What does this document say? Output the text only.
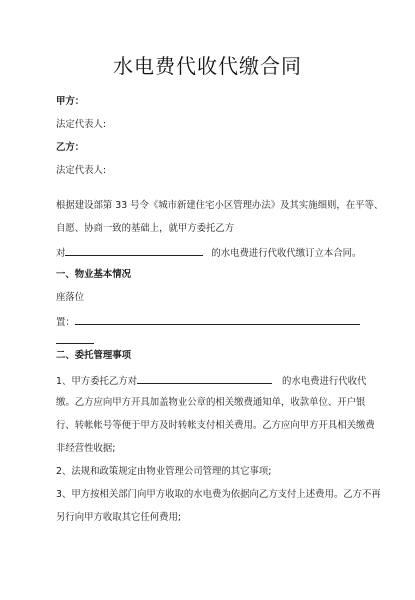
水电费代收代缴合同
甲方：
法定代表人:
乙方：
法定代表人:
根据建设部第 33 号令《城市新建住宅小区管理办法》及其实施细则，在平等、
自愿、协商一致的基础上，就甲方委托乙方
对	的水电费进行代收代缴订立本合同。
一、物业基本情况
座落位
置：
二、委托管理事项
1、甲方委托乙方对	的水电费进行代收代
缴。乙方应向甲方开具加盖物业公章的相关缴费通知单，收款单位、开户银
行、转帐帐号等便于甲方及时转帐支付相关费用。乙方应向甲方开具相关缴费
非经营性收据;
2、法规和政策规定由物业管理公司管理的其它事项;
3、甲方按相关部门向甲方收取的水电费为依据向乙方支付上述费用。乙方不再
另行向甲方收取其它任何费用;
